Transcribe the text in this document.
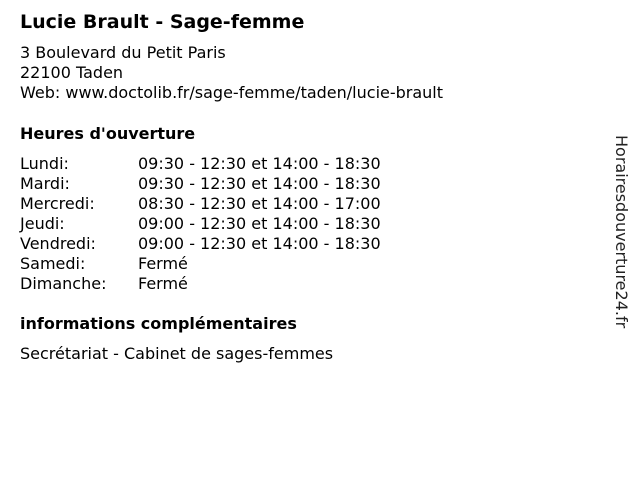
Lucie Brault - Sage-femme
3 Boulevard du Petit Paris
22100 Taden
Web: www.doctolib.fr/sage-femme/taden/lucie-brault
Heures d'ouverture
Lundi:	09:30 - 12:30 et 14:00 - 18:30
Mardi:	09:30 - 12:30 et 14:00 - 18:30
Mercredi:	08:30 - 12:30 et 14:00 - 17:00
Jeudi:	09:00 - 12:30 et 14:00 - 18:30
Vendredi:	09:00 - 12:30 et 14:00 - 18:30
Samedi:	Fermé
Dimanche: Fermé
informations complémentaires
Secrétariat - Cabinet de sages-femmes
Horairesdouverture24.fr
